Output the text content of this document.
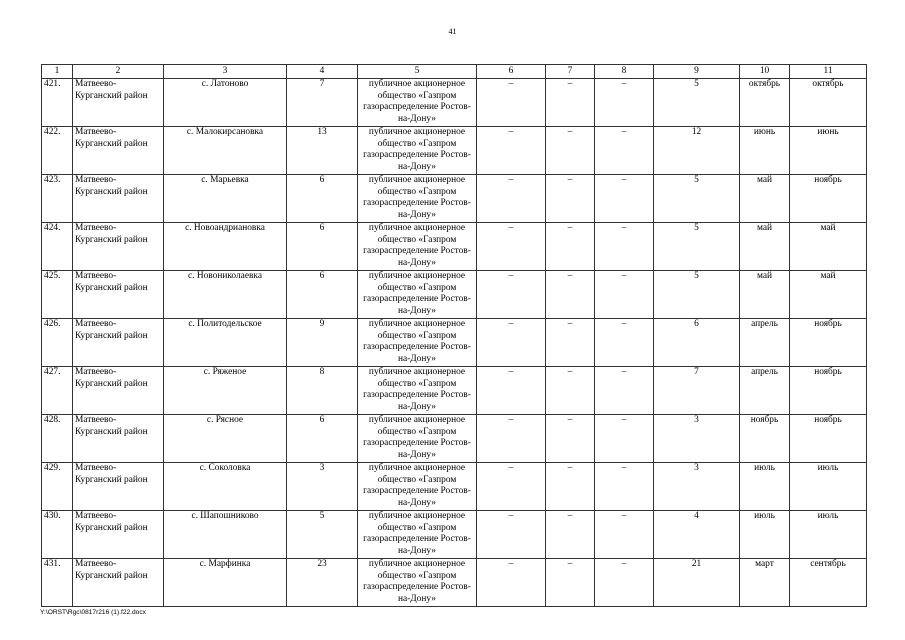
41
1	2	3	4	5	6	7	8	9	10	11
421.	Матвеево-Курганский район	с. Латоново	7	публичное акционерное общество «Газпром газораспределение Ростов-на-Дону»	–	–	–	5	октябрь	октябрь
422.	Матвеево-Курганский район	с. Малокирсановка	13	публичное акционерное общество «Газпром газораспределение Ростов-на-Дону»	–	–	–	12	июнь	июнь
423.	Матвеево-Курганский район	с. Марьевка	6	публичное акционерное общество «Газпром газораспределение Ростов-на-Дону»	–	–	–	5	май	ноябрь
424.	Матвеево-Курганский район	с. Новоандриановка	6	публичное акционерное общество «Газпром газораспределение Ростов-на-Дону»	–	–	–	5	май	май
425.	Матвеево-Курганский район	с. Новониколаевка	6	публичное акционерное общество «Газпром газораспределение Ростов-на-Дону»	–	–	–	5	май	май
426.	Матвеево-Курганский район	с. Политодельское	9	публичное акционерное общество «Газпром газораспределение Ростов-на-Дону»	–	–	–	6	апрель	ноябрь
427.	Матвеево-Курганский район	с. Ряженое	8	публичное акционерное общество «Газпром газораспределение Ростов-на-Дону»	–	–	–	7	апрель	ноябрь
428.	Матвеево-Курганский район	с. Рясное	6	публичное акционерное общество «Газпром газораспределение Ростов-на-Дону»	–	–	–	3	ноябрь	ноябрь
429.	Матвеево-Курганский район	с. Соколовка	3	публичное акционерное общество «Газпром газораспределение Ростов-на-Дону»	–	–	–	3	июль	июль
430.	Матвеево-Курганский район	с. Шапошниково	5	публичное акционерное общество «Газпром газораспределение Ростов-на-Дону»	–	–	–	4	июль	июль
431.	Матвеево-Курганский район	с. Марфинка	23	публичное акционерное общество «Газпром газораспределение Ростов-на-Дону»	–	–	–	21	март	сентябрь
Y:\ORST\Rgc\0817r216 (1).f22.docx
